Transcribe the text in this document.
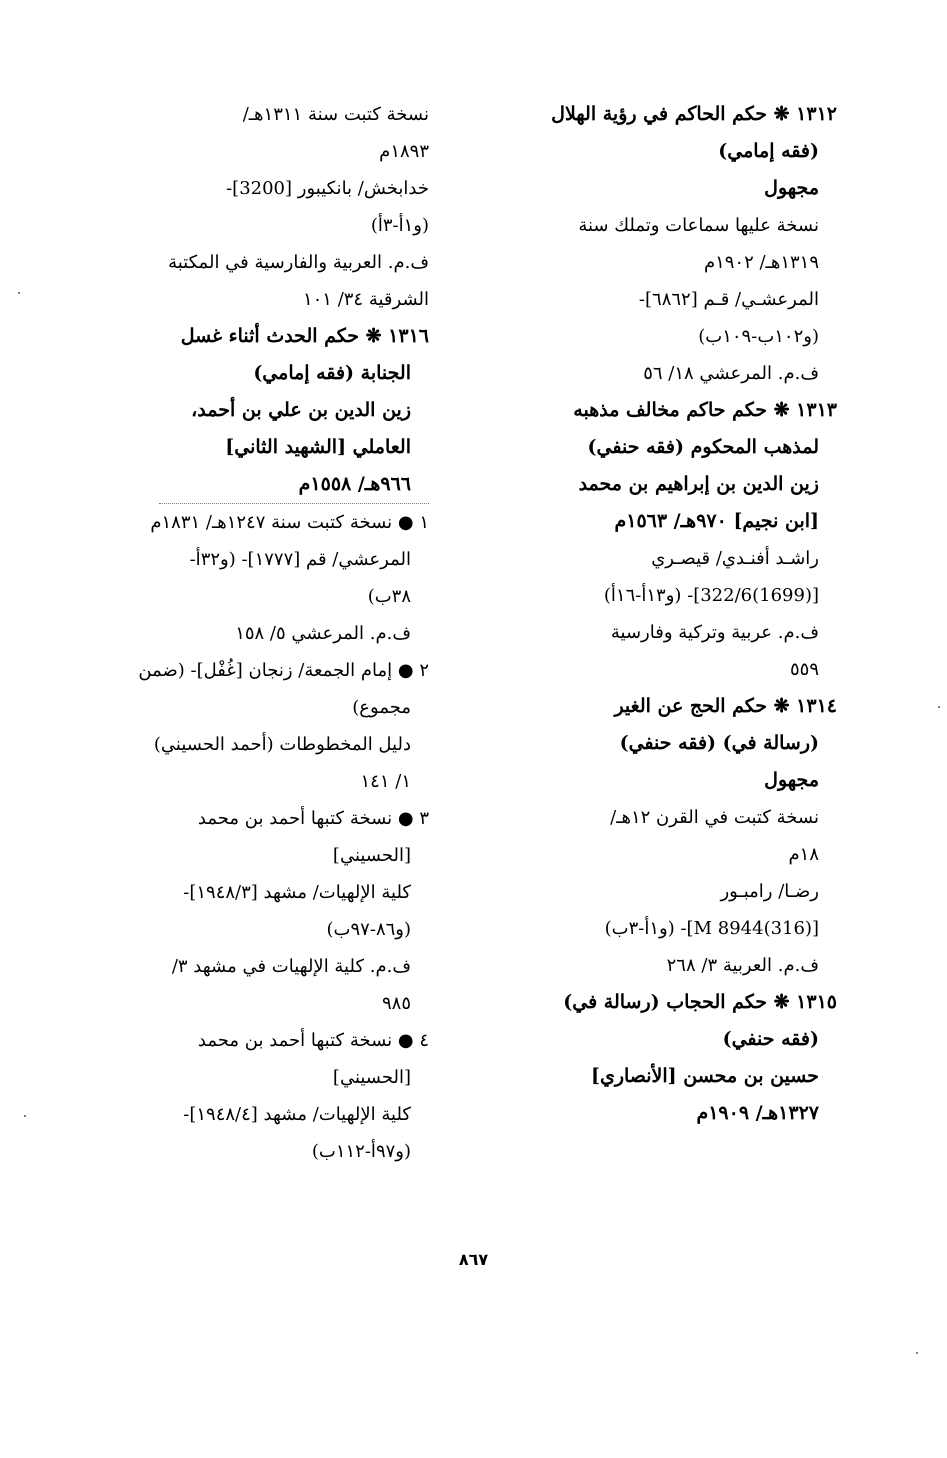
١٣١٢ ❋ حكم الحاكم في رؤية الهلال
(فقه إمامي)
مجهول
نسخة عليها سماعات وتملك سنة
١٣١٩هـ/ ١٩٠٢م
المرعشـي/ قـم [٦٨٦٢]-
(و١٠٢ب-١٠٩ب)
ف.م. المرعشي ١٨/ ٥٦
١٣١٣ ❋ حكم حاكم مخالف مذهبه
لمذهب المحكوم (فقه حنفي)
زين الدين بن إبراهيم بن محمد
[ابن نجيم] ٩٧٠هـ/ ١٥٦٣م
راشـد أفنـدي/ قيصـري
[(1699)322/6]- (و١٣أ-١٦أ)
ف.م. عربية وتركية وفارسية
٥٥٩
١٣١٤ ❋ حكم الحج عن الغير
(رسالة في) (فقه حنفي)
مجهول
نسخة كتبت في القرن ١٢هـ/
١٨م
رضـا/ رامبـور
[(316)8944 M]- (و١أ-٣ب)
ف.م. العربية ٣/ ٢٦٨
١٣١٥ ❋ حكم الحجاب (رسالة في)
(فقه حنفي)
حسين بن محسن [الأنصاري]
١٣٢٧هـ/ ١٩٠٩م
نسخة كتبت سنة ١٣١١هـ/
١٨٩٣م
خدابخش/ بانكيبور [3200]-
(و١أ-٣أ)
ف.م. العربية والفارسية في المكتبة
الشرقية ٣٤/ ١٠١
١٣١٦ ❋ حكم الحدث أثناء غسل
الجنابة (فقه إمامي)
زين الدين بن علي بن أحمد،
العاملي [الشهيد الثاني]
٩٦٦هـ/ ١٥٥٨م
١ ● نسخة كتبت سنة ١٢٤٧هـ/ ١٨٣١م
المرعشي/ قم [١٧٧٧]- (و٣٢أ-
٣٨ب)
ف.م. المرعشي ٥/ ١٥٨
٢ ● إمام الجمعة/ زنجان [غُفْل]- (ضمن
مجموع)
دليل المخطوطات (أحمد الحسيني)
١/ ١٤١
٣ ● نسخة كتبها أحمد بن محمد
[الحسيني]
كلية الإلهيات/ مشهد [١٩٤٨/٣]-
(و٨٦-٩٧ب)
ف.م. كلية الإلهيات في مشهد ٣/
٩٨٥
٤ ● نسخة كتبها أحمد بن محمد
[الحسيني]
كلية الإلهيات/ مشهد [١٩٤٨/٤]-
(و٩٧أ-١١٢ب)
٨٦٧
